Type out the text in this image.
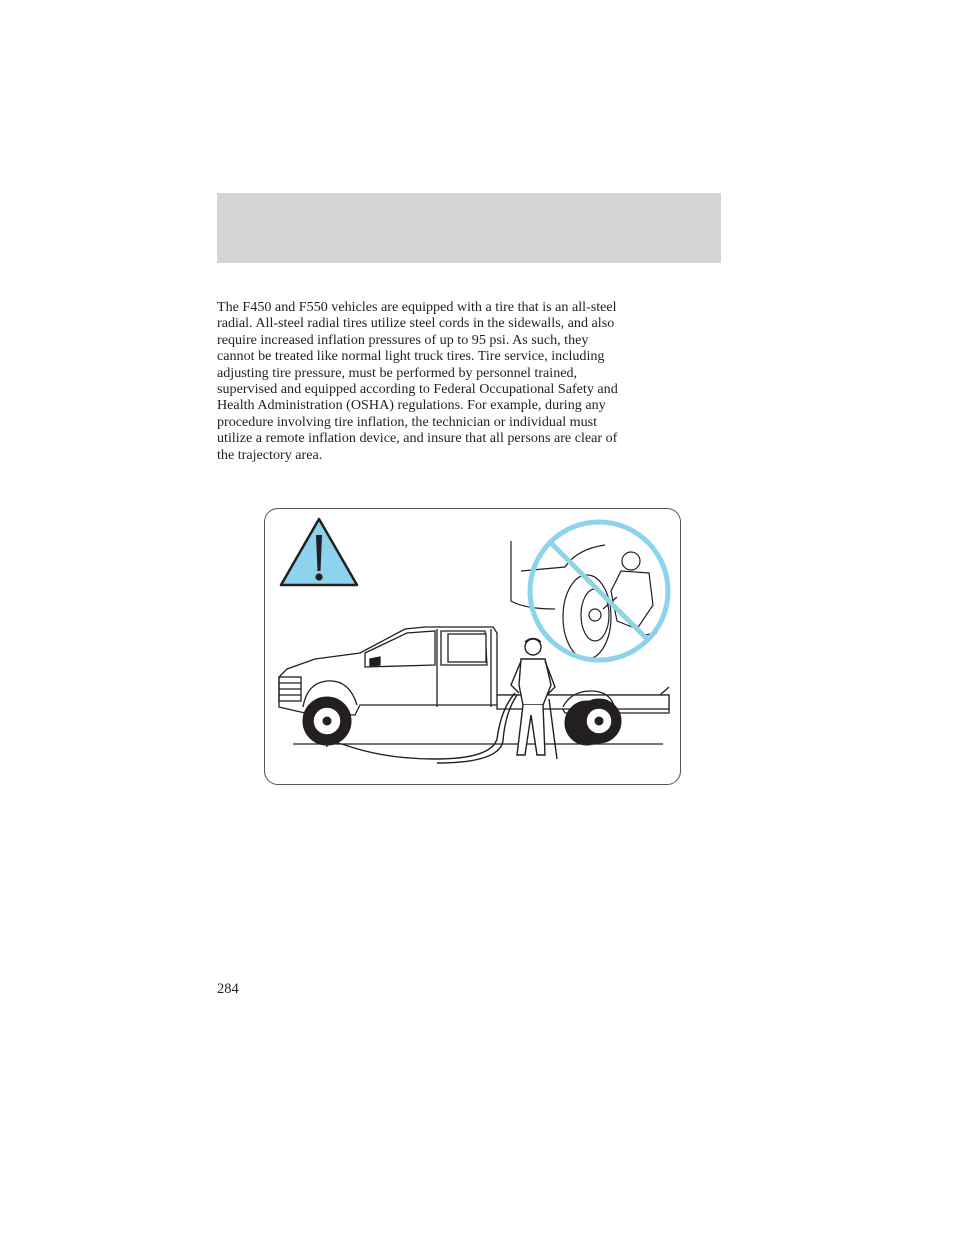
The F450 and F550 vehicles are equipped with a tire that is an all-steel
radial. All-steel radial tires utilize steel cords in the sidewalls, and also
require increased inflation pressures of up to 95 psi. As such, they
cannot be treated like normal light truck tires. Tire service, including
adjusting tire pressure, must be performed by personnel trained,
supervised and equipped according to Federal Occupational Safety and
Health Administration (OSHA) regulations. For example, during any
procedure involving tire inflation, the technician or individual must
utilize a remote inflation device, and insure that all persons are clear of
the trajectory area.

284
